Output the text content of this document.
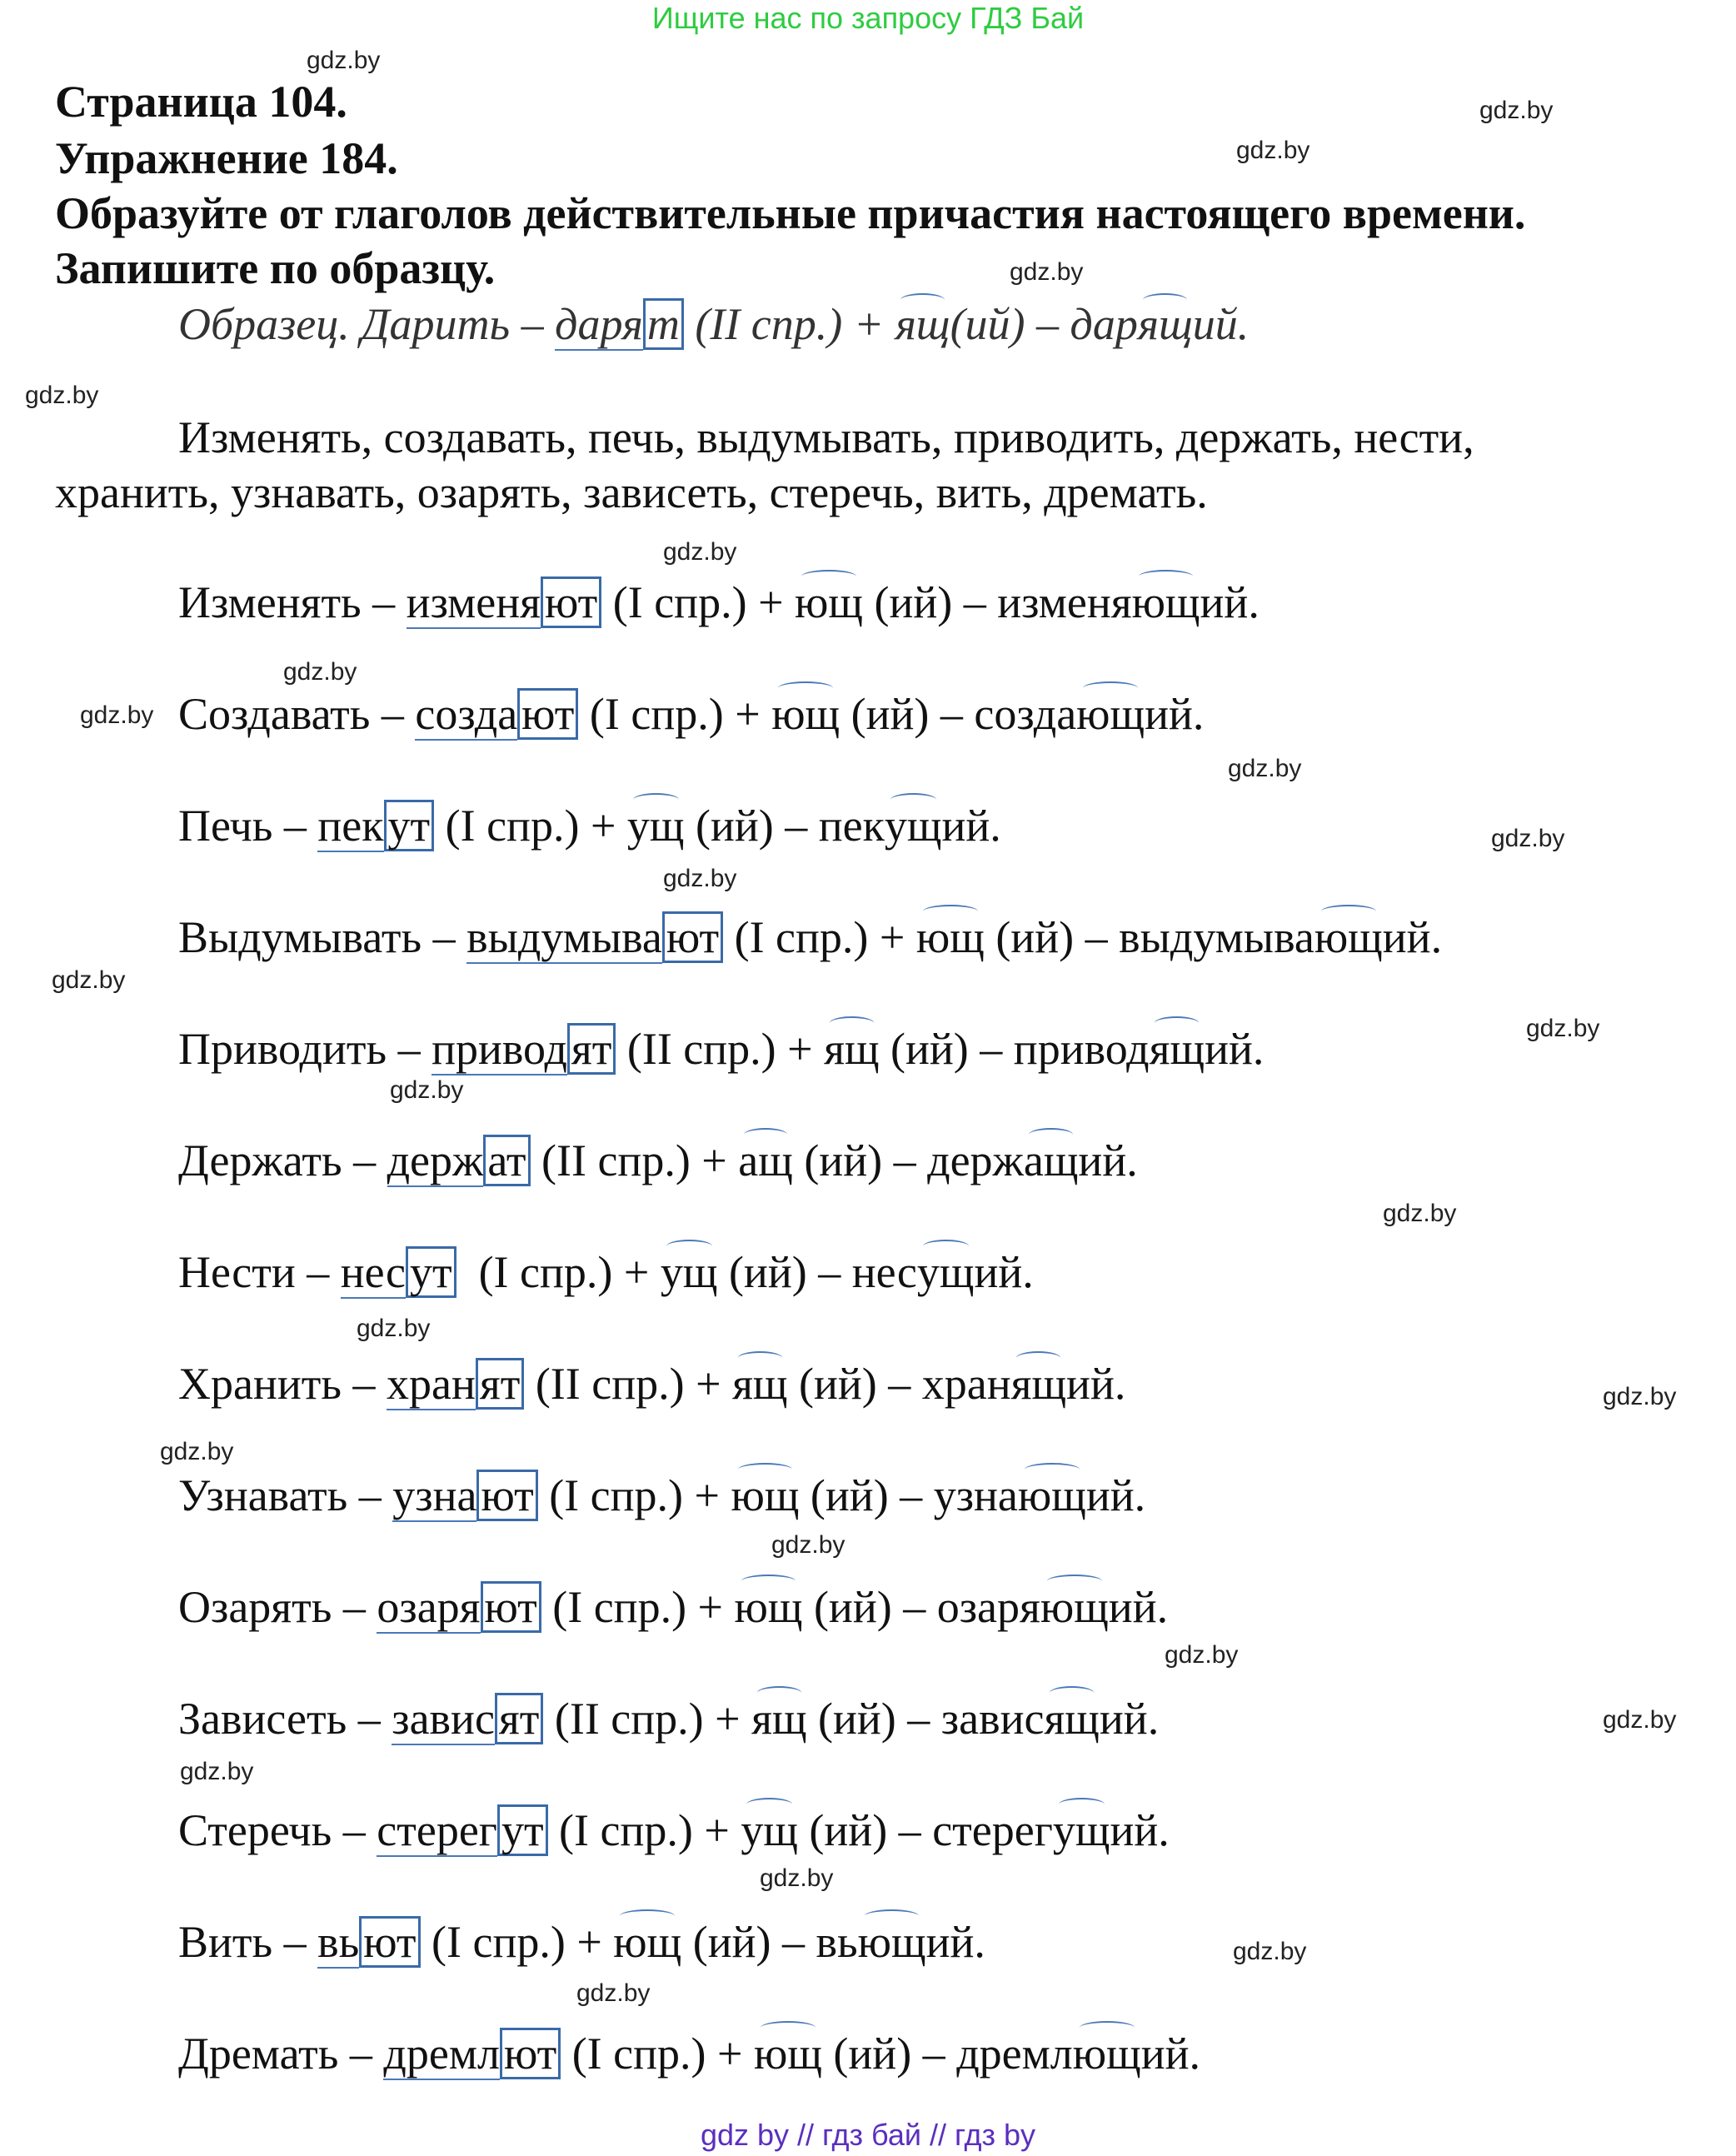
Ищите нас по запросу ГДЗ Бай
Страница 104.
Упражнение 184.
Образуйте от глаголов действительные причастия настоящего времени.
Запишите по образцу.
Образец. Дарить – дарят (II спр.) + ящ(ий) – дарящий.
Изменять, создавать, печь, выдумывать, приводить, держать, нести,
хранить, узнавать, озарять, зависеть, стеречь, вить, дремать.
Изменять – изменяют (I спр.) + ющ (ий) – изменяющий.
Создавать – создают (I спр.) + ющ (ий) – создающий.
Печь – пекут (I спр.) + ущ (ий) – пекущий.
Выдумывать – выдумывают (I спр.) + ющ (ий) – выдумывающий.
Приводить – приводят (II спр.) + ящ (ий) – приводящий.
Держать – держат (II спр.) + ащ (ий) – держащий.
Нести – несут  (I спр.) + ущ (ий) – несущий.
Хранить – хранят (II спр.) + ящ (ий) – хранящий.
Узнавать – узнают (I спр.) + ющ (ий) – узнающий.
Озарять – озаряют (I спр.) + ющ (ий) – озаряющий.
Зависеть – зависят (II спр.) + ящ (ий) – зависящий.
Стеречь – стерегут (I спр.) + ущ (ий) – стерегущий.
Вить – вьют (I спр.) + ющ (ий) – вьющий.
Дремать – дремлют (I спр.) + ющ (ий) – дремлющий.
gdz.by
gdz.by
gdz.by
gdz.by
gdz.by
gdz.by
gdz.by
gdz.by
gdz.by
gdz.by
gdz.by
gdz.by
gdz.by
gdz.by
gdz.by
gdz.by
gdz.by
gdz.by
gdz.by
gdz.by
gdz.by
gdz.by
gdz.by
gdz.by
gdz.by
gdz by // гдз бай // гдз by
